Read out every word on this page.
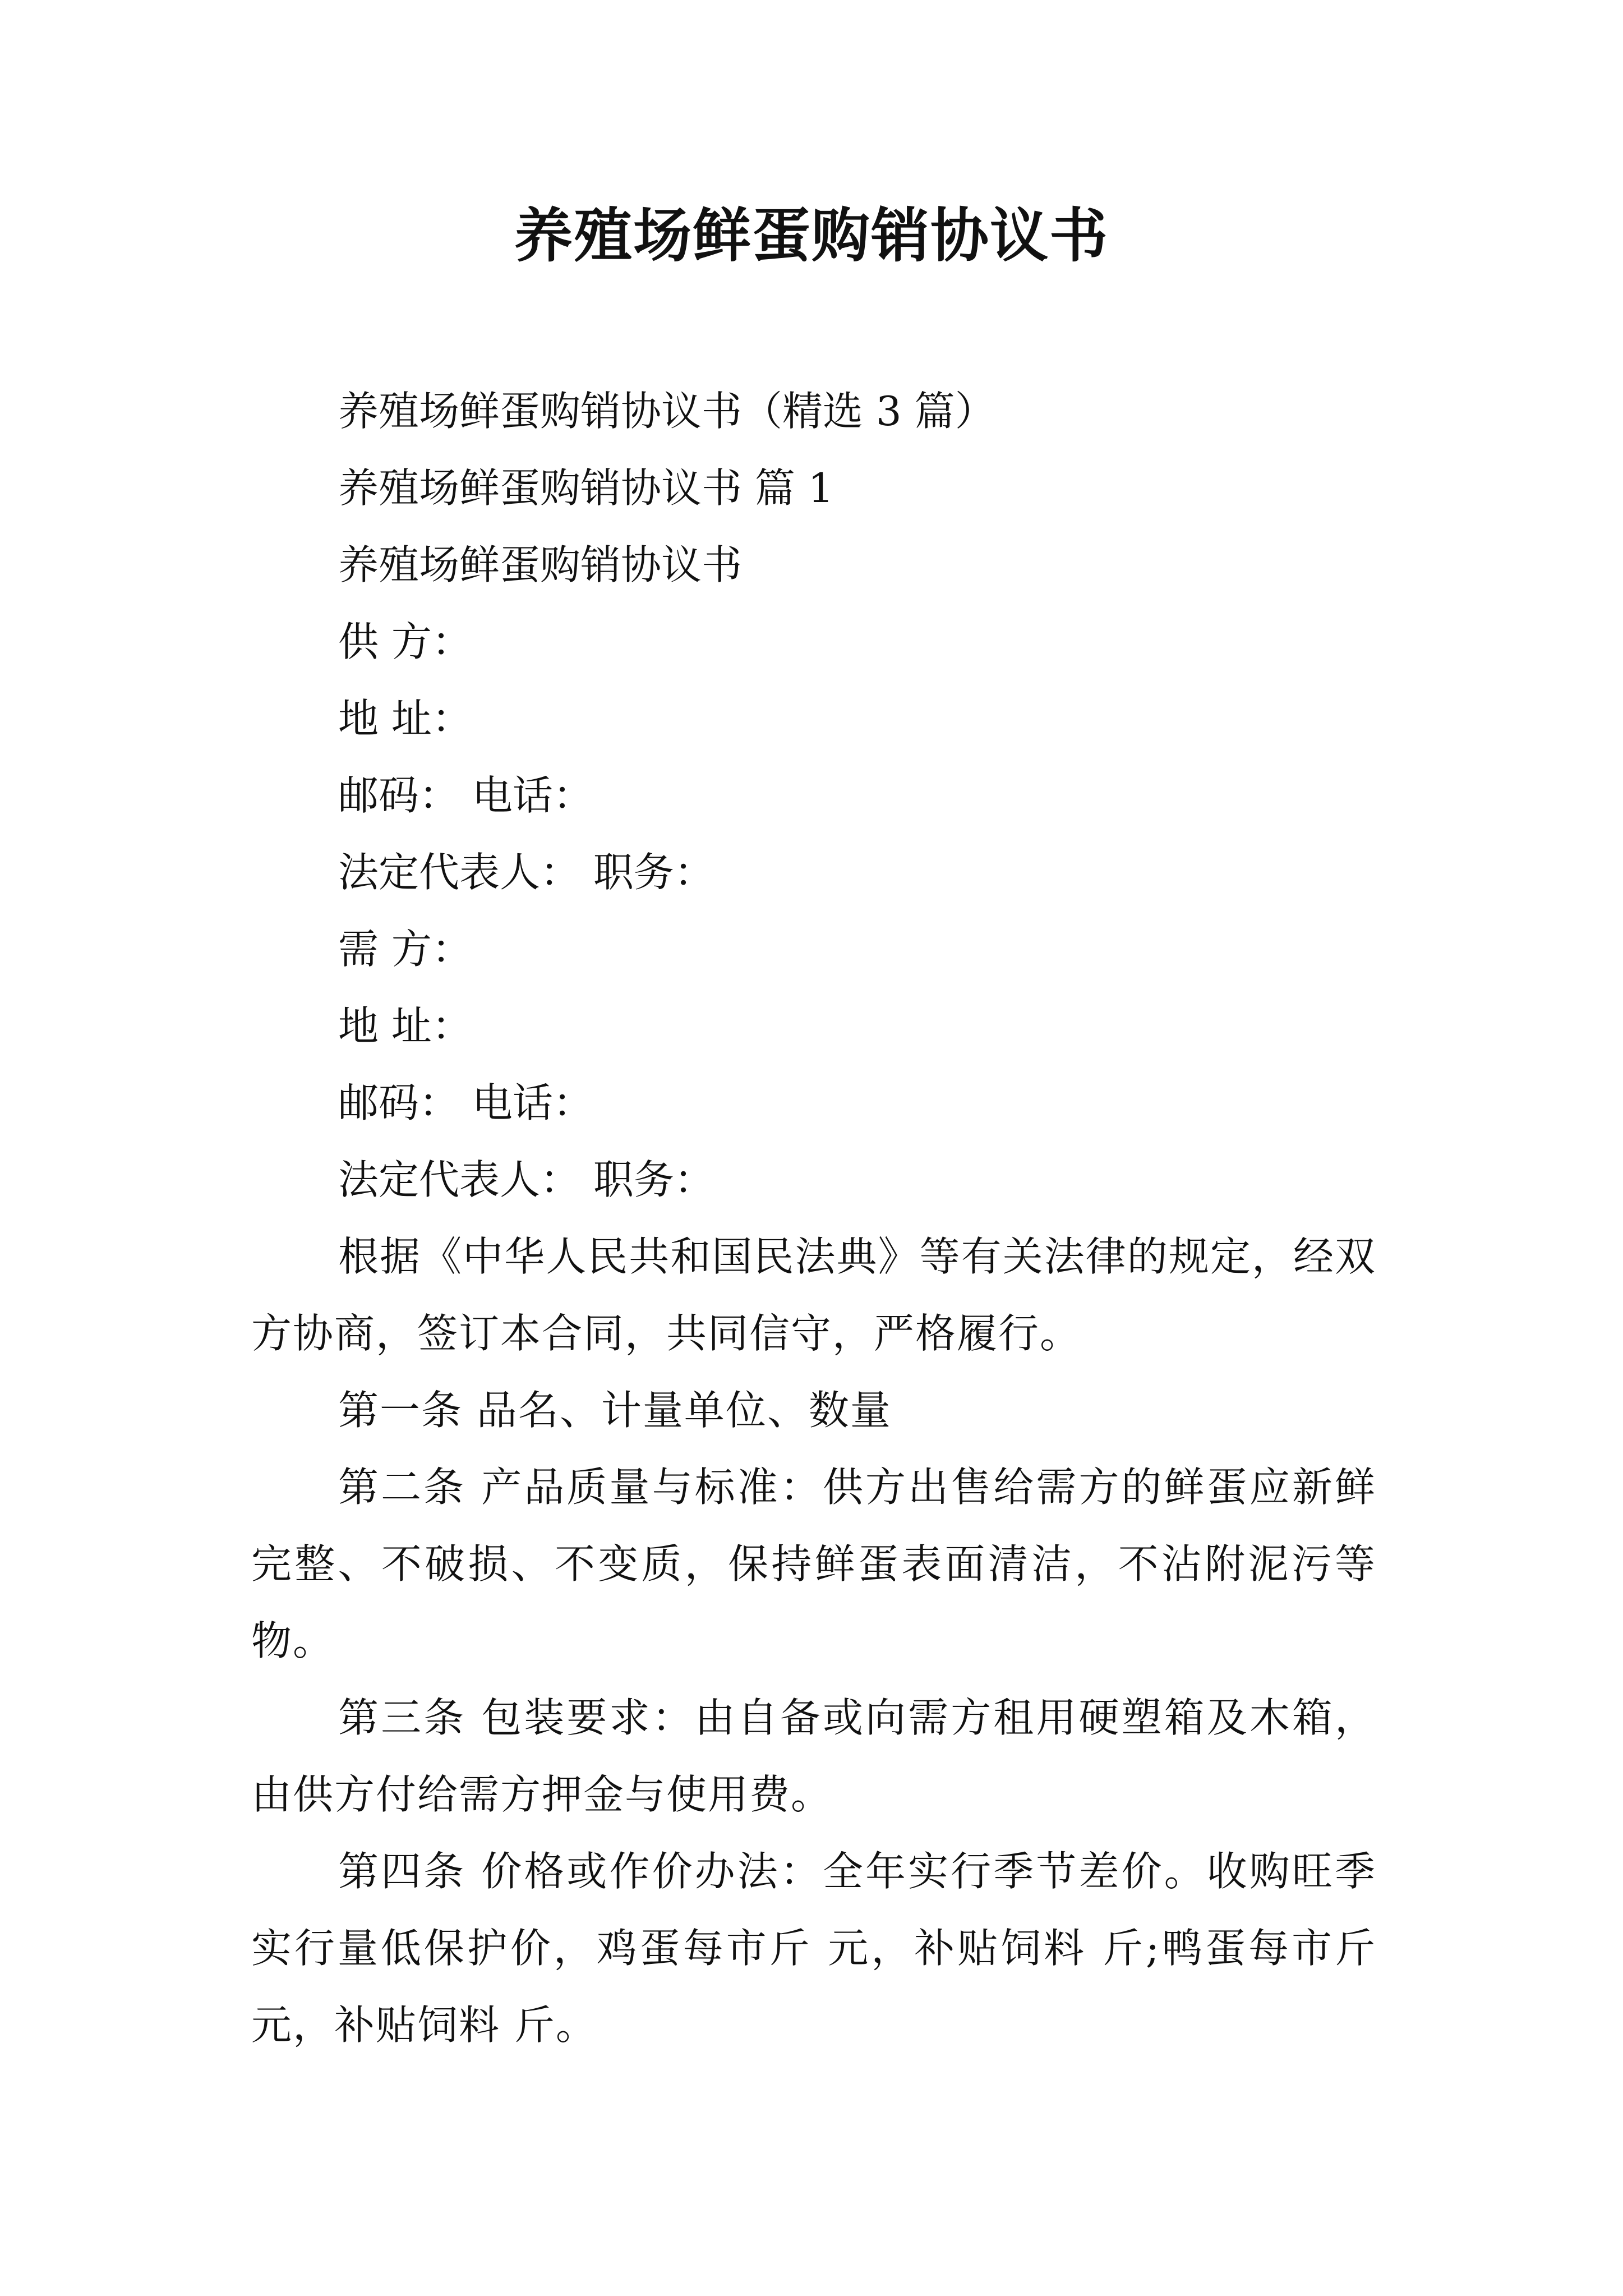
养殖场鲜蛋购销协议书
养殖场鲜蛋购销协议书（精选 3 篇）
养殖场鲜蛋购销协议书 篇 1
养殖场鲜蛋购销协议书
供 方：
地 址：
邮码： 电话：
法定代表人： 职务：
需 方：
地 址：
邮码： 电话：
法定代表人： 职务：
根据《中华人民共和国民法典》等有关法律的规定，经双方协商，签订本合同，共同信守，严格履行。
第一条 品名、计量单位、数量
第二条 产品质量与标准：供方出售给需方的鲜蛋应新鲜完整、不破损、不变质，保持鲜蛋表面清洁，不沾附泥污等物。
第三条 包装要求：由自备或向需方租用硬塑箱及木箱，由供方付给需方押金与使用费。
第四条 价格或作价办法：全年实行季节差价。收购旺季实行量低保护价，鸡蛋每市斤 元，补贴饲料 斤;鸭蛋每市斤 元，补贴饲料 斤。
